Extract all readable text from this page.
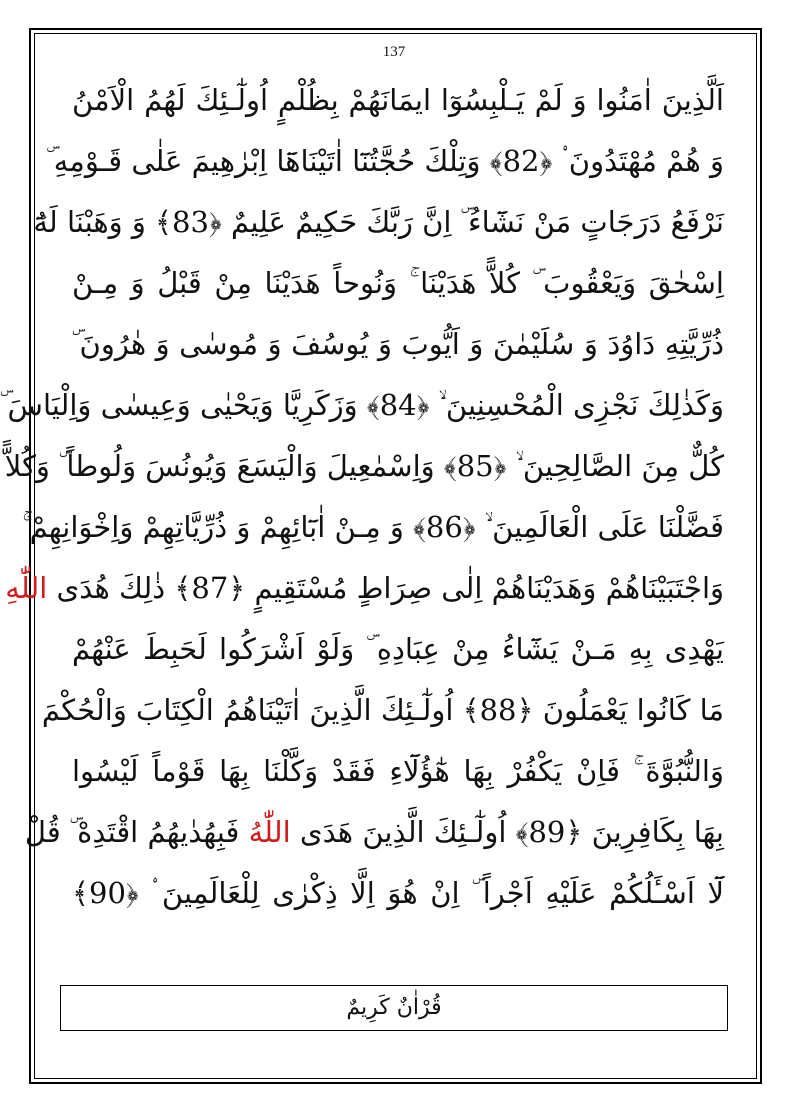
137
اَلَّذِينَ اٰمَنُوا وَ لَمْ يَـلْبِسُوٓا ايمَانَهُمْ بِظُلْمٍ اُولٰٓـئِكَ لَهُمُ الْاَمْنُ
وَ هُمْ مُهْتَدُونَ ۟ ﴿82﴾ وَتِلْكَ حُجَّتُنَٓا اٰتَيْنَاهَٓا اِبْرٰهِيمَ عَلٰى قَـوْمِهِ ۜ
نَرْفَعُ دَرَجَاتٍ مَنْ نَشَٓاءُ ۜ اِنَّ رَبَّكَ حَكِيمٌ عَلِيمٌ ﴿83﴾ وَ وَهَبْنَا لَهُٓ
اِسْحٰقَ وَيَعْقُوبَ ۜ كُلاًّ هَدَيْنَا ۚ وَنُوحاً هَدَيْنَا مِنْ قَبْلُ وَ مِـنْ
ذُرِّيَّتِهِ دَاوُدَ وَ سُلَيْمٰنَ وَ اَيُّوبَ وَ يُوسُفَ وَ مُوسٰى وَ هٰرُونَ ۜ
وَكَذٰلِكَ نَجْزِى الْمُحْسِنِينَ ۙ ﴿84﴾ وَزَكَرِيَّا وَيَحْيٰى وَعِيسٰى وَاِلْيَاسَ ۜ
كُلٌّ مِنَ الصَّالِحِينَ ۙ ﴿85﴾ وَاِسْمٰعِيلَ وَالْيَسَعَ وَيُونُسَ وَلُوطاً ۜ وَكُلاًّ
فَضَّلْنَا عَلَى الْعَالَمِينَ ۙ ﴿86﴾ وَ مِـنْ اٰبَٓائِهِمْ وَ ذُرِّيَّاتِهِمْ وَاِخْوَانِهِمْ ۚ
وَاجْتَبَيْنَاهُمْ وَهَدَيْنَاهُمْ اِلٰى صِرَاطٍ مُسْتَقِيمٍ ﴿87﴾ ذٰلِكَ هُدَى اللّٰهِ
يَهْدِى بِهِ مَـنْ يَشَٓاءُ مِنْ عِبَادِهِ ۜ وَلَوْ اَشْرَكُوا لَحَبِطَ عَنْهُمْ
مَا كَانُوا يَعْمَلُونَ ﴿88﴾ اُولٰٓـئِكَ الَّذِينَ اٰتَيْنَاهُمُ الْكِتَابَ وَالْحُكْمَ
وَالنُّبُوَّةَ ۚ فَاِنْ يَكْفُرْ بِهَا هٰٓؤُلَٓاءِ فَقَدْ وَكَّلْنَا بِهَا قَوْماً لَيْسُوا
بِهَا بِكَافِرِينَ ﴿89﴾ اُولٰٓـئِكَ الَّذِينَ هَدَى اللّٰهُ فَبِهُدٰيهُمُ اقْتَدِهْ ۜ قُلْ
لَٓا اَسْـَٔلُكُمْ عَلَيْهِ اَجْراً ۜ اِنْ هُوَ اِلَّا ذِكْرٰى لِلْعَالَمِينَ ۟ ﴿90﴾
قُرْاٰنٌ كَرِيمٌ
